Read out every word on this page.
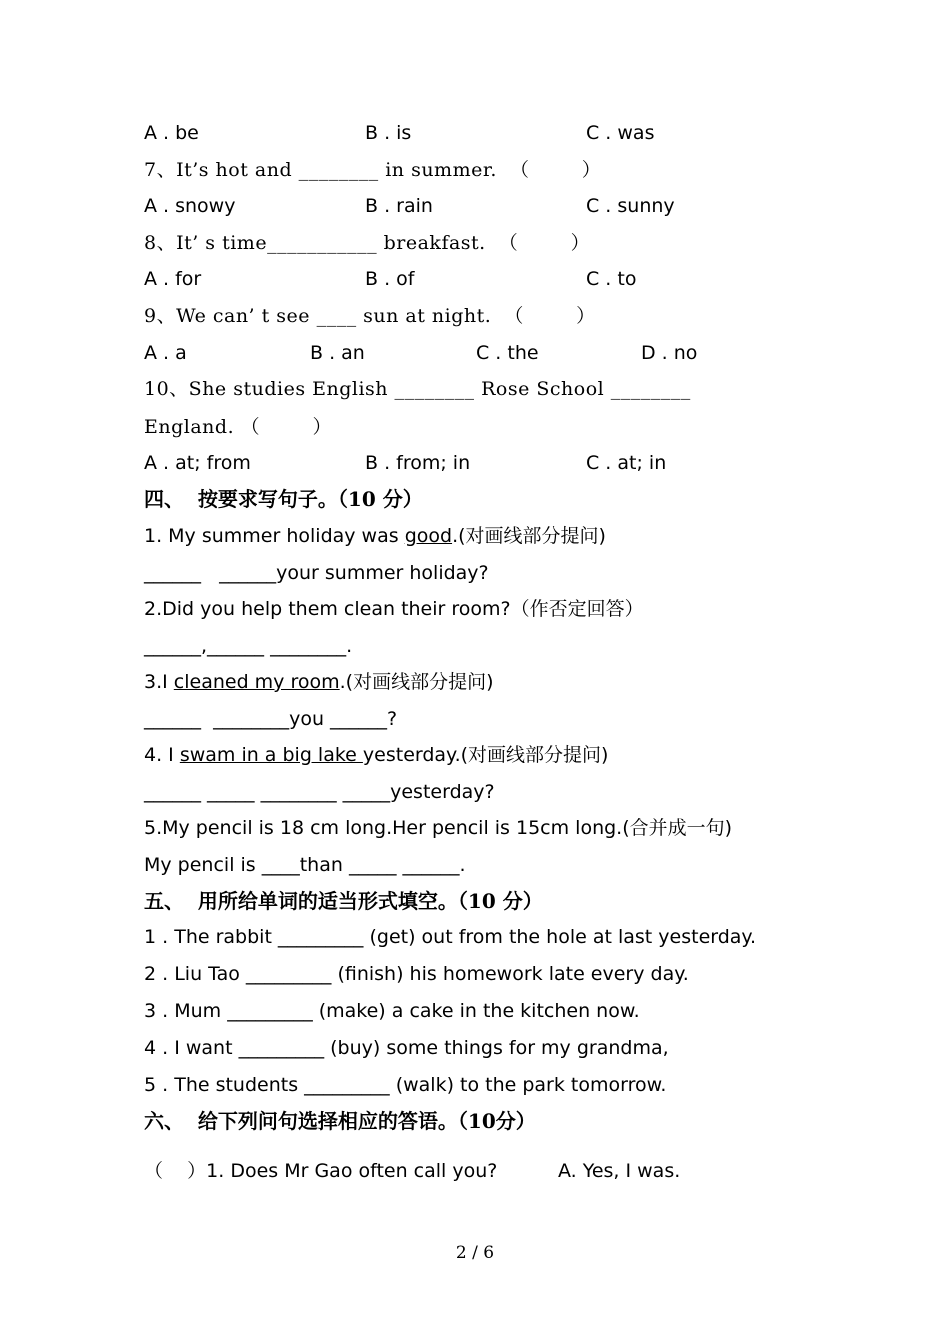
A . be	B . is	C . was
7、It’s hot and ________ in summer.  （        ）
A . snowy	B . rain	C . sunny
8、It’ s time___________ breakfast.  （        ）
A . for	B . of	C . to
9、We can’ t see ____ sun at night.  （        ）
A . a	B . an	C . the	D . no
10、She studies English ________ Rose School ________
England. （        ）
A . at; from	B . from; in	C . at; in
四、  按要求写句子。（10 分）
1. My summer holiday was good.(对画线部分提问)
______   ______your summer holiday?
2.Did you help them clean their room?（作否定回答）
______,______ ________.
3.I cleaned my room.(对画线部分提问)
______  ________you ______?
4. I swam in a big lake yesterday.(对画线部分提问)
______ _____ ________ _____yesterday?
5.My pencil is 18 cm long.Her pencil is 15cm long.(合并成一句)
My pencil is ____than _____ ______.
五、  用所给单词的适当形式填空。（10 分）
1 . The rabbit _________ (get) out from the hole at last yesterday.
2 . Liu Tao _________ (finish) his homework late every day.
3 . Mum _________ (make) a cake in the kitchen now.
4 . I want _________ (buy) some things for my grandma,
5 . The students _________ (walk) to the park tomorrow.
六、  给下列问句选择相应的答语。（10分）
（    ）1. Does Mr Gao often call you?	A. Yes, I was.
2 / 6
